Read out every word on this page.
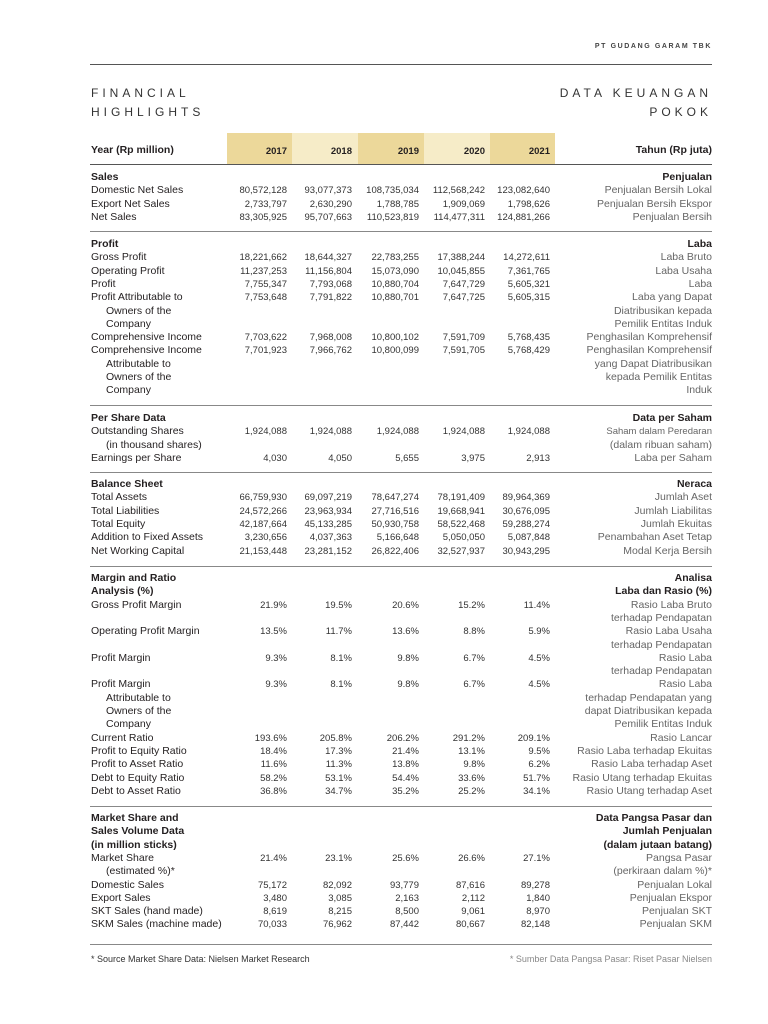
PT GUDANG GARAM TBK
FINANCIAL
HIGHLIGHTS
DATA KEUANGAN
POKOK
Year (Rp million)	Tahun (Rp juta)
2017	2018	2019	2020	2021
Sales	Penjualan
Domestic Net Sales	80,572,128	93,077,373	108,735,034	112,568,242	123,082,640	Penjualan Bersih Lokal
Export Net Sales	2,733,797	2,630,290	1,788,785	1,909,069	1,798,626	Penjualan Bersih Ekspor
Net Sales	83,305,925	95,707,663	110,523,819	114,477,311	124,881,266	Penjualan Bersih
Profit	Laba
Gross Profit	18,221,662	18,644,327	22,783,255	17,388,244	14,272,611	Laba Bruto
Operating Profit	11,237,253	11,156,804	15,073,090	10,045,855	7,361,765	Laba Usaha
Profit	7,755,347	7,793,068	10,880,704	7,647,729	5,605,321	Laba
Profit Attributable to	7,753,648	7,791,822	10,880,701	7,647,725	5,605,315	Laba yang Dapat
Owners of the	Diatribusikan kepada
Company	Pemilik Entitas Induk
Comprehensive Income	7,703,622	7,968,008	10,800,102	7,591,709	5,768,435	Penghasilan Komprehensif
Comprehensive Income	7,701,923	7,966,762	10,800,099	7,591,705	5,768,429	Penghasilan Komprehensif
Attributable to	yang Dapat Diatribusikan
Owners of the	kepada Pemilik Entitas
Company	Induk
Per Share Data	Data per Saham
Outstanding Shares	1,924,088	1,924,088	1,924,088	1,924,088	1,924,088	Saham dalam Peredaran
(in thousand shares)	(dalam ribuan saham)
Earnings per Share	4,030	4,050	5,655	3,975	2,913	Laba per Saham
Balance Sheet	Neraca
Total Assets	66,759,930	69,097,219	78,647,274	78,191,409	89,964,369	Jumlah Aset
Total Liabilities	24,572,266	23,963,934	27,716,516	19,668,941	30,676,095	Jumlah Liabilitas
Total Equity	42,187,664	45,133,285	50,930,758	58,522,468	59,288,274	Jumlah Ekuitas
Addition to Fixed Assets	3,230,656	4,037,363	5,166,648	5,050,050	5,087,848	Penambahan Aset Tetap
Net Working Capital	21,153,448	23,281,152	26,822,406	32,527,937	30,943,295	Modal Kerja Bersih
Margin and Ratio	Analisa
Analysis (%)	Laba dan Rasio (%)
Gross Profit Margin	21.9%	19.5%	20.6%	15.2%	11.4%	Rasio Laba Bruto
terhadap Pendapatan
Operating Profit Margin	13.5%	11.7%	13.6%	8.8%	5.9%	Rasio Laba Usaha
terhadap Pendapatan
Profit Margin	9.3%	8.1%	9.8%	6.7%	4.5%	Rasio Laba
terhadap Pendapatan
Profit Margin	9.3%	8.1%	9.8%	6.7%	4.5%	Rasio Laba
Attributable to	terhadap Pendapatan yang
Owners of the	dapat Diatribusikan kepada
Company	Pemilik Entitas Induk
Current Ratio	193.6%	205.8%	206.2%	291.2%	209.1%	Rasio Lancar
Profit to Equity Ratio	18.4%	17.3%	21.4%	13.1%	9.5%	Rasio Laba terhadap Ekuitas
Profit to Asset Ratio	11.6%	11.3%	13.8%	9.8%	6.2%	Rasio Laba terhadap Aset
Debt to Equity Ratio	58.2%	53.1%	54.4%	33.6%	51.7% Rasio Utang terhadap Ekuitas
Debt to Asset Ratio	36.8%	34.7%	35.2%	25.2%	34.1%	Rasio Utang terhadap Aset
Market Share and	Data Pangsa Pasar dan
Sales Volume Data	Jumlah Penjualan
(in million sticks)	(dalam jutaan batang)
Market Share	21.4%	23.1%	25.6%	26.6%	27.1%	Pangsa Pasar
(estimated %)*	(perkiraan dalam %)*
Domestic Sales	75,172	82,092	93,779	87,616	89,278	Penjualan Lokal
Export Sales	3,480	3,085	2,163	2,112	1,840	Penjualan Ekspor
SKT Sales (hand made)	8,619	8,215	8,500	9,061	8,970	Penjualan SKT
SKM Sales (machine made)	70,033	76,962	87,442	80,667	82,148	Penjualan SKM
* Source Market Share Data: Nielsen Market Research	* Sumber Data Pangsa Pasar: Riset Pasar Nielsen
